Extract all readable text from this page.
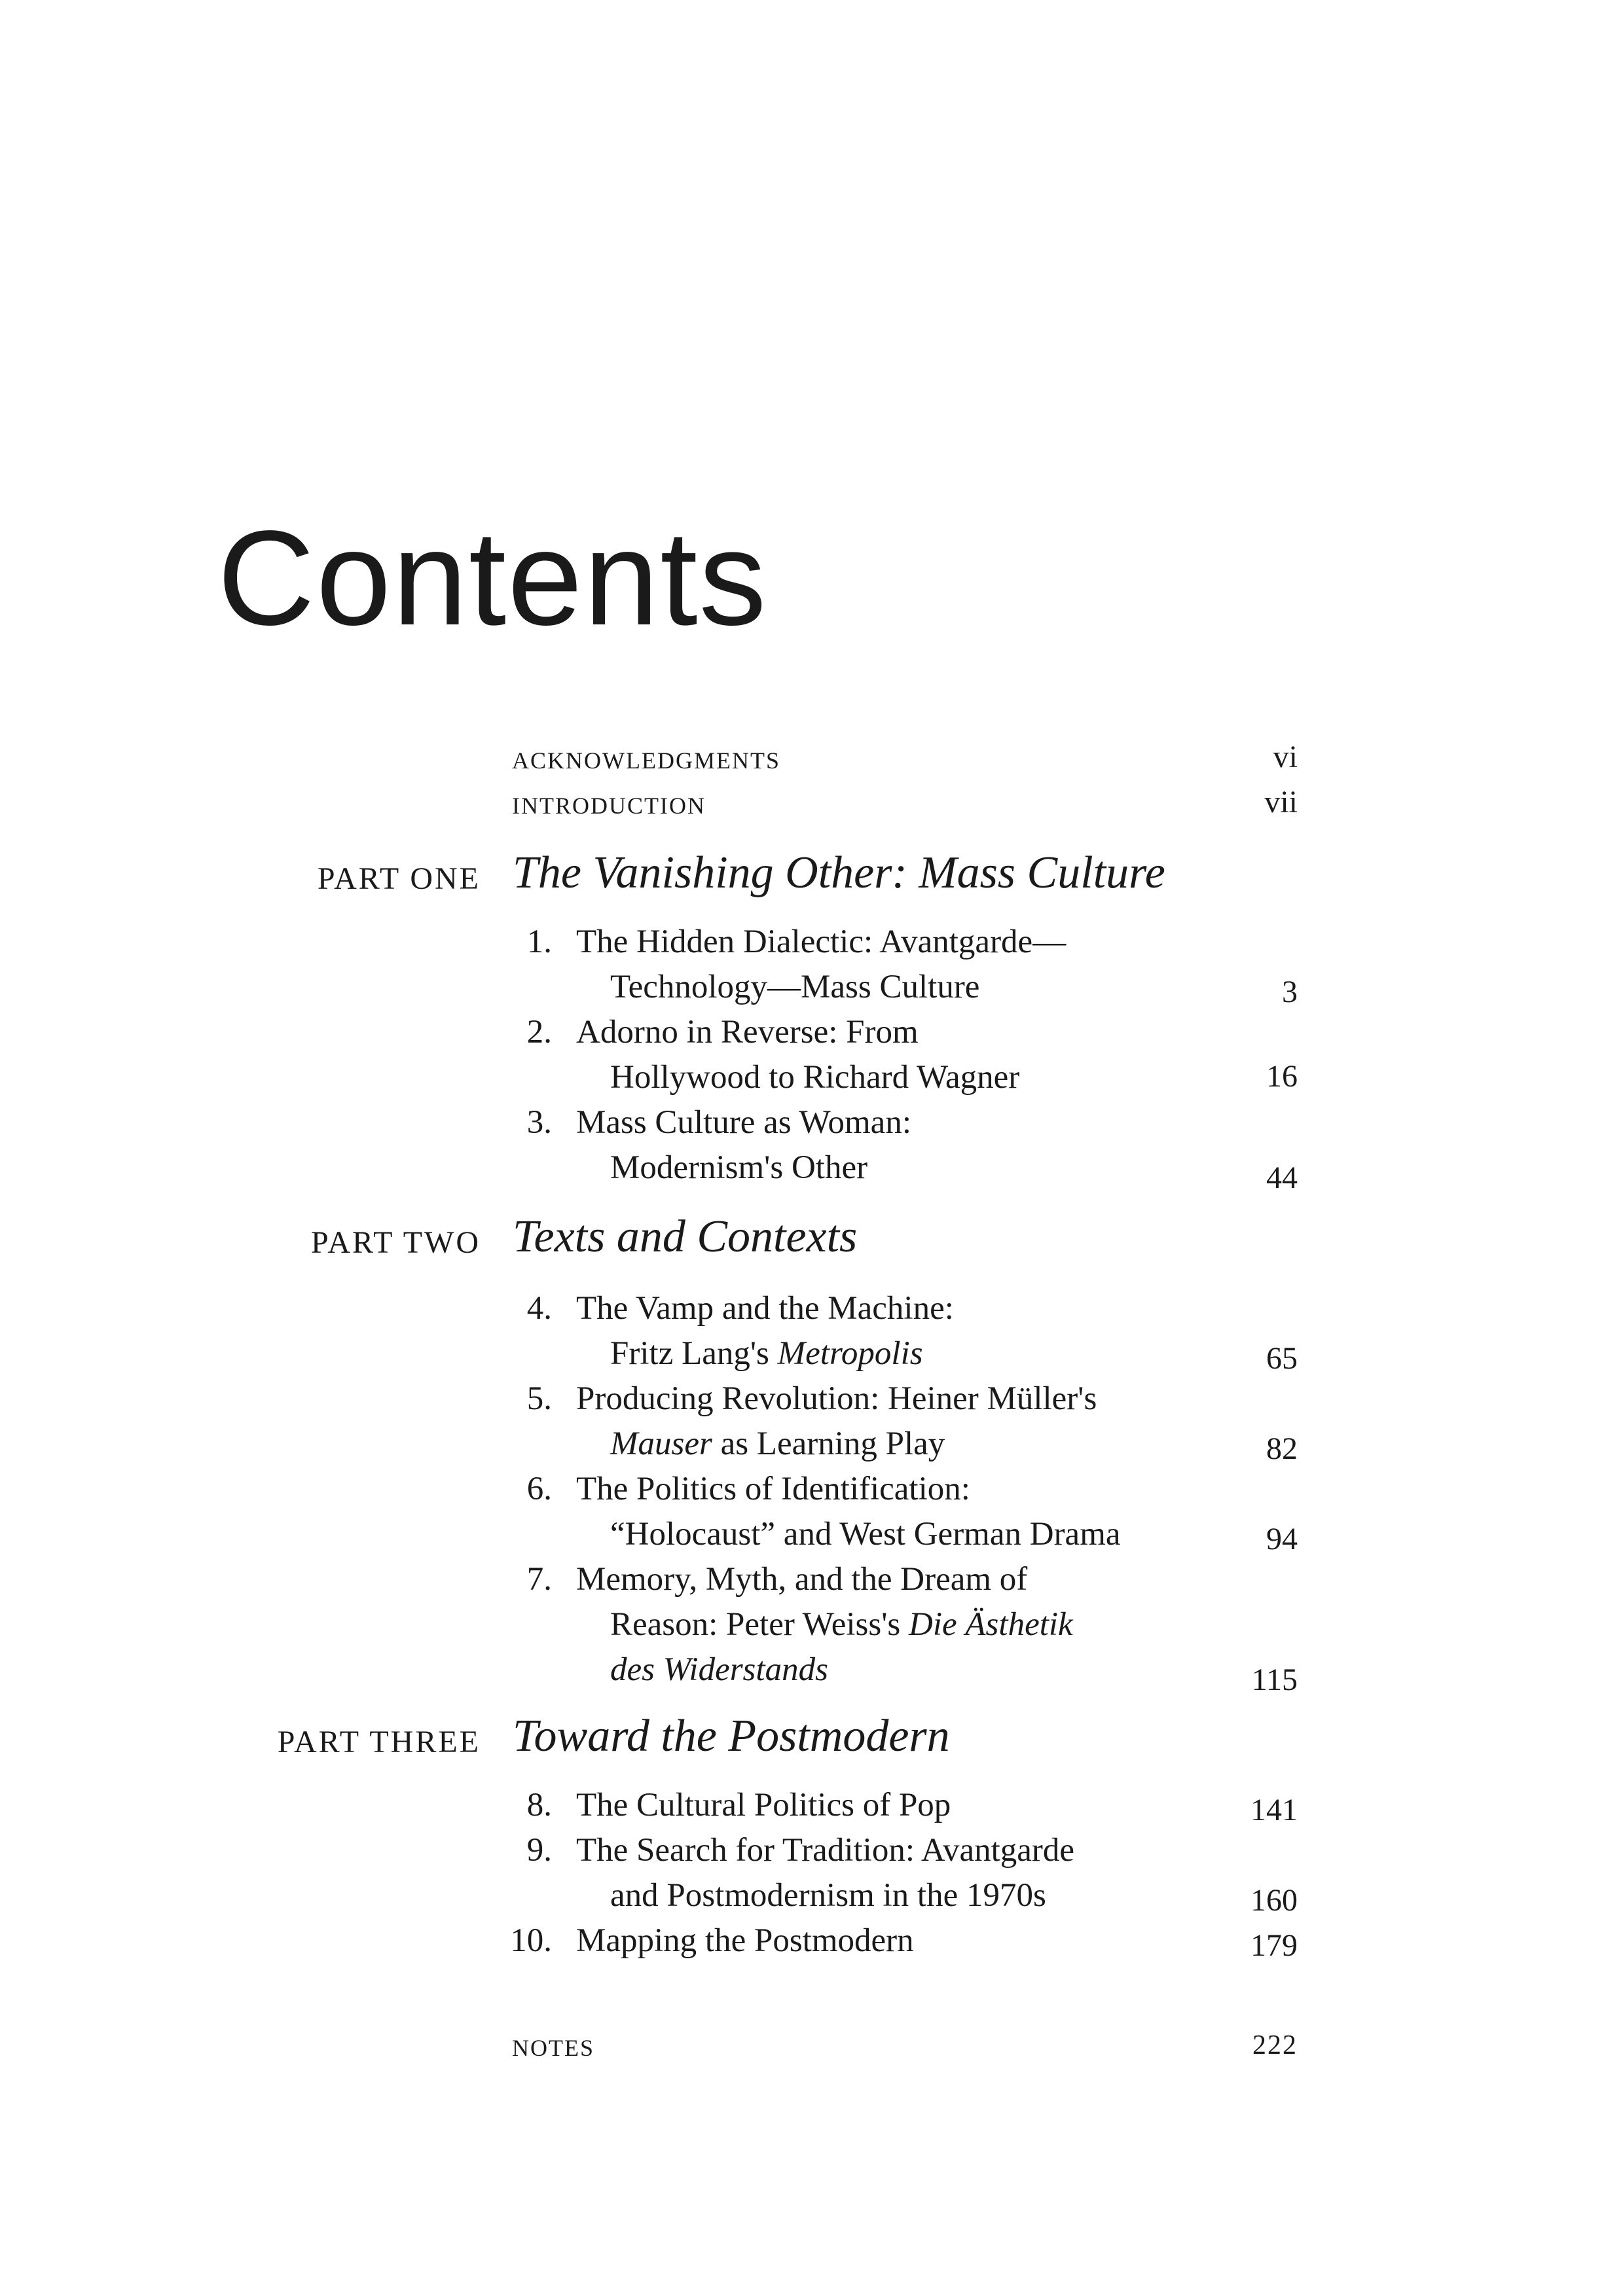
Contents
ACKNOWLEDGMENTS	vi
INTRODUCTION	vii
PART ONE The Vanishing Other: Mass Culture
1. The Hidden Dialectic: Avantgarde—
Technology—Mass Culture	3
2. Adorno in Reverse: From
Hollywood to Richard Wagner	16
3. Mass Culture as Woman:
Modernism's Other	44
PART TWO Texts and Contexts
4. The Vamp and the Machine:
Fritz Lang's Metropolis	65
5. Producing Revolution: Heiner Müller's
Mauser as Learning Play	82
6. The Politics of Identification:
“Holocaust” and West German Drama	94
7. Memory, Myth, and the Dream of
Reason: Peter Weiss's Die Ästhetik
des Widerstands	115
PART THREE Toward the Postmodern
8. The Cultural Politics of Pop	141
9. The Search for Tradition: Avantgarde
and Postmodernism in the 1970s	160
10. Mapping the Postmodern	179
NOTES	222
